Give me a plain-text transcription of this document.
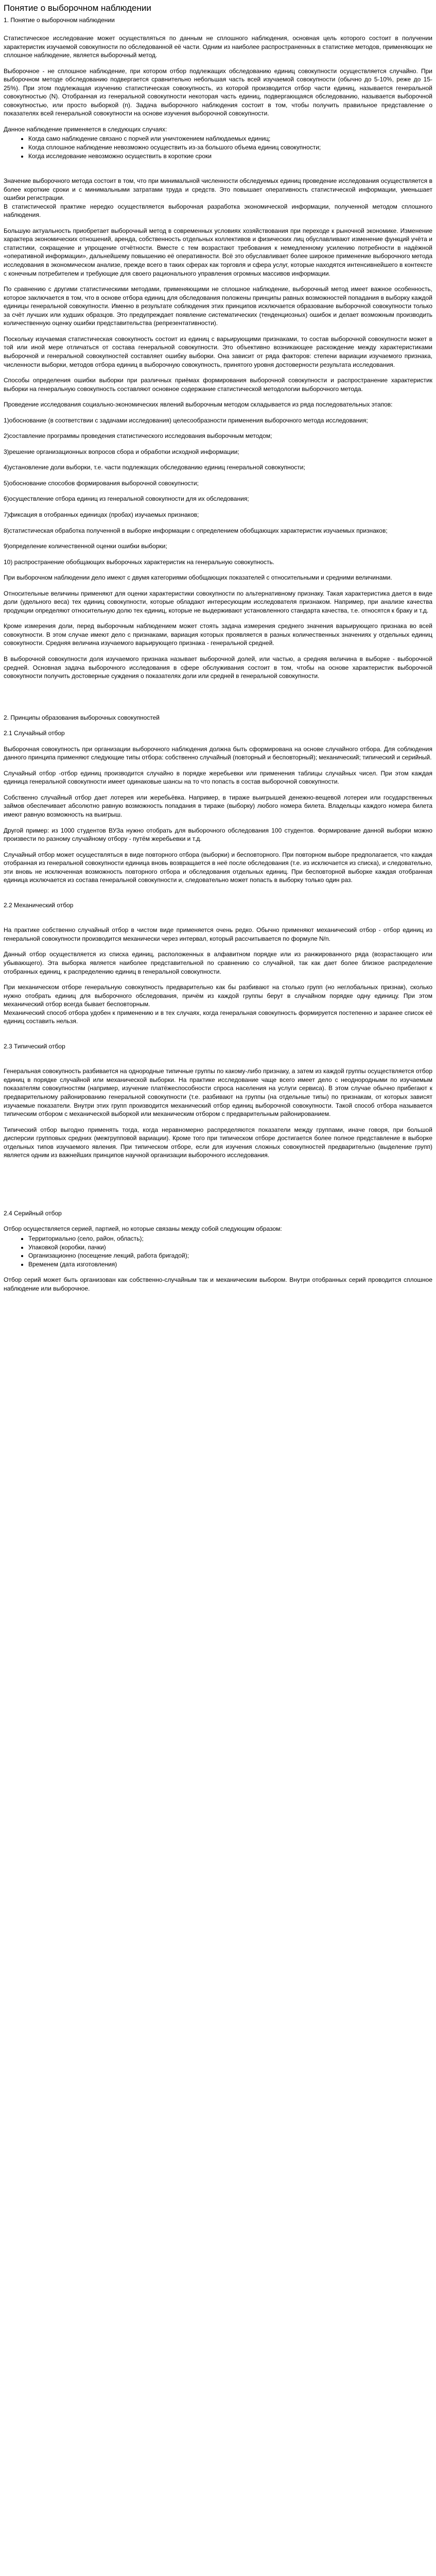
Понятие о выборочном наблюдении

1. Понятие о выборочном наблюдении

Статистическое исследование может осуществляться по данным не сплошного наблюдения, основная цель которого состоит в получении характеристик изучаемой совокупности по обследованной её части. Одним из наиболее распространенных в статистике методов, применяющих не сплошное наблюдение, является выборочный метод.

Выборочное - не сплошное наблюдение, при котором отбор подлежащих обследованию единиц совокупности осуществляется случайно. При выборочном методе обследованию подвергается сравнительно небольшая часть всей изучаемой совокупности (обычно до 5-10%, реже до 15-25%). При этом подлежащая изучению статистическая совокупность, из которой производится отбор части единиц, называется генеральной совокупностью (N). Отобранная из генеральной совокупности некоторая часть единиц, подвергающаяся обследованию, называется выборочной совокупностью, или просто выборкой (n). Задача выборочного наблюдения состоит в том, чтобы получить правильное представление о показателях всей генеральной совокупности на основе изучения выборочной совокупности.

Данное наблюдение применяется в следующих случаях:

• Когда само наблюдение связано с порчей или уничтожением наблюдаемых единиц;
• Когда сплошное наблюдение невозможно осуществить из-за большого объема единиц совокупности;
• Когда исследование невозможно осуществить в короткие сроки

Значение выборочного метода состоит в том, что при минимальной численности обследуемых единиц проведение исследования осуществляется в более короткие сроки и с минимальными затратами труда и средств. Это повышает оперативность статистической информации, уменьшает ошибки регистрации.

В статистической практике нередко осуществляется выборочная разработка экономической информации, полученной методом сплошного наблюдения.

Большую актуальность приобретает выборочный метод в современных условиях хозяйствования при переходе к рыночной экономике. Изменение характера экономических отношений, аренда, собственность отдельных коллективов и физических лиц обуславливают изменение функций учёта и статистики, сокращение и упрощение отчётности. Вместе с тем возрастают требования к немедленному усилению потребности в надёжной «оперативной информации», дальнейшему повышению её оперативности. Всё это обуславливает более широкое применение выборочного метода исследования в экономическом анализе, прежде всего в таких сферах как торговля и сфера услуг, которые находятся интенсивнейшего в контексте с конечным потребителем и требующие для своего рационального управления огромных массивов информации.

По сравнению с другими статистическими методами, применяющими не сплошное наблюдение, выборочный метод имеет важное особенность, которое заключается в том, что в основе отбора единиц для обследования положены принципы равных возможностей попадания в выборку каждой единицы генеральной совокупности. Именно в результате соблюдения этих принципов исключается образование выборочной совокупности только за счёт лучших или худших образцов. Это предупреждает появление систематических (тенденциозных) ошибок и делает возможным производить количественную оценку ошибки представительства (репрезентативности).

Поскольку изучаемая статистическая совокупность состоит из единиц с варьирующими признаками, то состав выборочной совокупности может в той или иной мере отличаться от состава генеральной совокупности. Это объективно возникающее расхождение между характеристиками выборочной и генеральной совокупностей составляет ошибку выборки. Она зависит от ряда факторов: степени вариации изучаемого признака, численности выборки, методов отбора единиц в выборочную совокупность, принятого уровня достоверности результата исследования.

Способы определения ошибки выборки при различных приёмах формирования выборочной совокупности и распространение характеристик выборки на генеральную совокупность составляют основное содержание статистической методологии выборочного метода.

Проведение исследования социально-экономических явлений выборочным методом складывается из ряда последовательных этапов:

1)обоснование (в соответствии с задачами исследования) целесообразности применения выборочного метода исследования;

2)составление программы проведения статистического исследования выборочным методом;

3)решение организационных вопросов сбора и обработки исходной информации;

4)установление доли выборки, т.е. части подлежащих обследованию единиц генеральной совокупности;

5)обоснование способов формирования выборочной совокупности;

6)осуществление отбора единиц из генеральной совокупности для их обследования;

7)фиксация в отобранных единицах (пробах) изучаемых признаков;

8)статистическая обработка полученной в выборке информации с определением обобщающих характеристик изучаемых признаков;

9)определение количественной оценки ошибки выборки;

10) распространение обобщающих выборочных характеристик на генеральную совокупность.

При выборочном наблюдении дело имеют с двумя категориями обобщающих показателей с относительными и средними величинами.

Относительные величины применяют для оценки характеристики совокупности по альтернативному признаку. Такая характеристика дается в виде доли (удельного веса) тех единиц совокупности, которые обладают интересующим исследователя признаком. Например, при анализе качества продукции определяют относительную долю тех единиц, которые не выдерживают установленного стандарта качества, т.е. относятся к браку и т.д.

Кроме измерения доли, перед выборочным наблюдением может стоять задача измерения среднего значения варьирующего признака во всей совокупности. В этом случае имеют дело с признаками, вариация которых проявляется в разных количественных значениях у отдельных единиц совокупности. Средняя величина изучаемого варьирующего признака - генеральной средней.

В выборочной совокупности доля изучаемого признака называет выборочной долей, или частью, а средняя величина в выборке - выборочной средней. Основная задача выборочного исследования в сфере обслуживания состоит в том, чтобы на основе характеристик выборочной совокупности получить достоверные суждения о показателях доли или средней в генеральной совокупности.

2. Принципы образования выборочных совокупностей

2.1 Случайный отбор

Выборочная совокупность при организации выборочного наблюдения должна быть сформирована на основе случайного отбора. Для соблюдения данного принципа применяют следующие типы отбора: собственно случайный (повторный и бесповторный); механический; типический и серийный.

Случайный отбор -отбор единиц производится случайно в порядке жеребьевки или применения таблицы случайных чисел. При этом каждая единица генеральной совокупности имеет одинаковые шансы на то что попасть в состав выборочной совокупности.

Собственно случайный отбор дает лотерея или жеребьёвка. Например, в тираже выигрышей денежно-вещевой лотереи или государственных займов обеспечивает абсолютно равную возможность попадания в тираже (выборку) любого номера билета. Владельцы каждого номера билета имеют равную возможность на выигрыш.

Другой пример: из 1000 студентов ВУЗа нужно отобрать для выборочного обследования 100 студентов. Формирование данной выборки можно произвести по разному случайному отбору - путём жеребьевки и т.д.

Случайный отбор может осуществляться в виде повторного отбора (выборки) и бесповторного. При повторном выборе предполагается, что каждая отобранная из генеральной совокупности единица вновь возвращается в неё после обследования (т.е. из исключается из списка), и следовательно, эти вновь не исключенная возможность повторного отбора и обследования отдельных единиц. При бесповторной выборке каждая отобранная единица исключается из состава генеральной совокупности и, следовательно может попасть в выборку только один раз.

2.2 Механический отбор

На практике собственно случайный отбор в чистом виде применяется очень редко. Обычно применяют механический отбор - отбор единиц из генеральной совокупности производится механически через интервал, который рассчитывается по формуле N/n.

Данный отбор осуществляется из списка единиц, расположенных в алфавитном порядке или из ранжированного ряда (возрастающего или убывающего). Эта выборка является наиболее представительной по сравнению со случайной, так как дает более близкое распределение отобранных единиц, к распределению единиц в генеральной совокупности.

При механическом отборе генеральную совокупность предварительно как бы разбивают на столько групп (но неглобальных признак), сколько нужно отобрать единиц для выборочного обследования, причём из каждой группы берут в случайном порядке одну единицу. При этом механический отбор всегда бывает бесповторным.

Механический способ отбора удобен к применению и в тех случаях, когда генеральная совокупность формируется постепенно и заранее список её единиц составить нельзя.

2.3 Типический отбор

Генеральная совокупность разбивается на однородные типичные группы по какому-либо признаку, а затем из каждой группы осуществляется отбор единиц в порядке случайной или механической выборки. На практике исследование чаще всего имеет дело с неоднородными по изучаемым показателям совокупностям (например, изучение платёжеспособности спроса населения на услуги сервиса). В этом случае обычно прибегают к предварительному районированию генеральной совокупности (т.е. разбивают на группы (на отдельные типы) по признакам, от которых зависят изучаемые показатели. Внутри этих групп производится механический отбор единиц выборочной совокупности. Такой способ отбора называется типическим отбором с механической выборкой или механическим отбором с предварительным районированием.

Типический отбор выгодно применять тогда, когда неравномерно распределяются показатели между группами, иначе говоря, при большой дисперсии групповых средних (межгрупповой вариации). Кроме того при типическом отборе достигается более полное представление в выборке отдельных типов изучаемого явления. При типическом отборе, если для изучения сложных совокупностей предварительно (выделение групп) является одним из важнейших принципов научной организации выборочного исследования.

2.4 Серийный отбор

Отбор осуществляется серией, партией, но которые связаны между собой следующим образом:

• Территориально (село, район, область);
• Упаковкой (коробки, пачки)
• Организационно (посещение лекций, работа бригадой);
• Временем (дата изготовления)

Отбор серий может быть организован как собственно-случайным так и механическим выбором. Внутри отобранных серий проводится сплошное наблюдение или выборочное.
